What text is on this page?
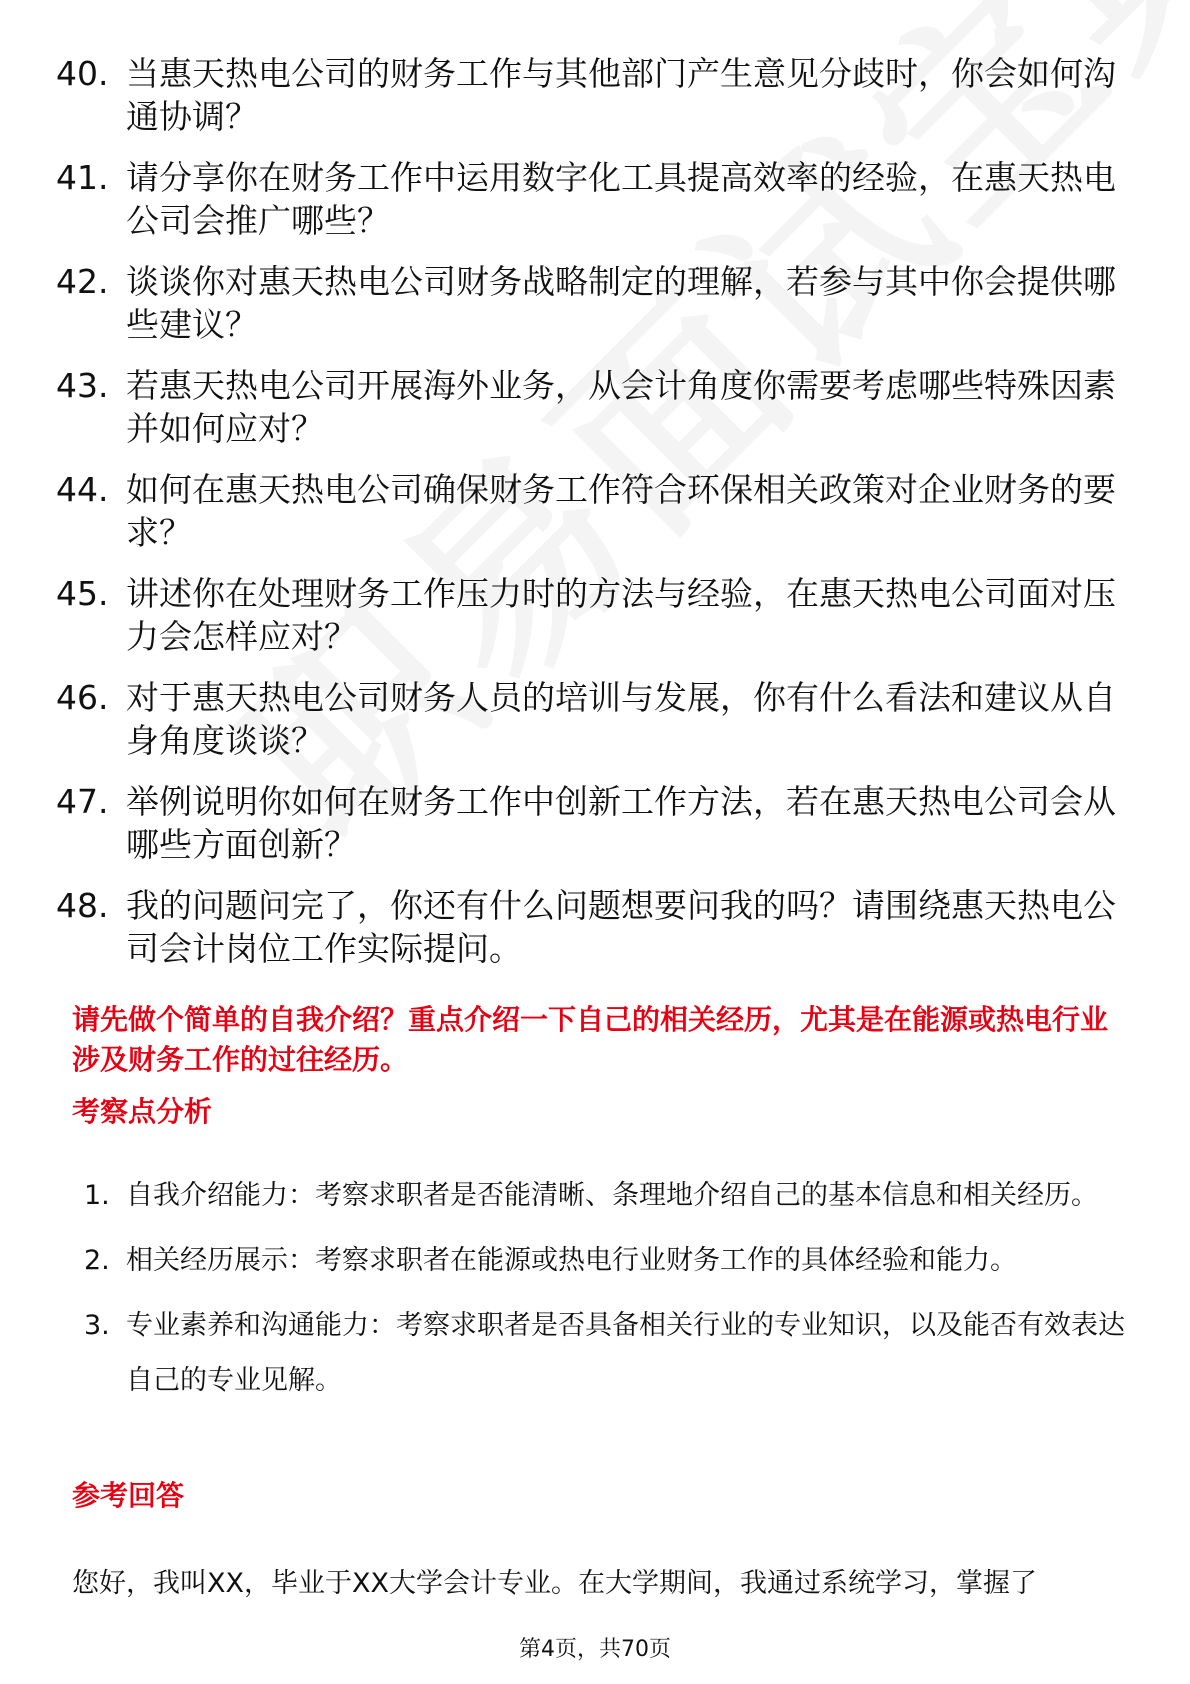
40. 当惠天热电公司的财务工作与其他部门产生意见分歧时，你会如何沟通协调？
41. 请分享你在财务工作中运用数字化工具提高效率的经验，在惠天热电公司会推广哪些？
42. 谈谈你对惠天热电公司财务战略制定的理解，若参与其中你会提供哪些建议？
43. 若惠天热电公司开展海外业务，从会计角度你需要考虑哪些特殊因素并如何应对？
44. 如何在惠天热电公司确保财务工作符合环保相关政策对企业财务的要求？
45. 讲述你在处理财务工作压力时的方法与经验，在惠天热电公司面对压力会怎样应对？
46. 对于惠天热电公司财务人员的培训与发展，你有什么看法和建议从自身角度谈谈？
47. 举例说明你如何在财务工作中创新工作方法，若在惠天热电公司会从哪些方面创新？
48. 我的问题问完了，你还有什么问题想要问我的吗？请围绕惠天热电公司会计岗位工作实际提问。

请先做个简单的自我介绍？重点介绍一下自己的相关经历，尤其是在能源或热电行业涉及财务工作的过往经历。

考察点分析
1. 自我介绍能力：考察求职者是否能清晰、条理地介绍自己的基本信息和相关经历。
2. 相关经历展示：考察求职者在能源或热电行业财务工作的具体经验和能力。
3. 专业素养和沟通能力：考察求职者是否具备相关行业的专业知识，以及能否有效表达自己的专业见解。
参考回答

您好，我叫XX，毕业于XX大学会计专业。在大学期间，我通过系统学习，掌握了

第4页，共70页
